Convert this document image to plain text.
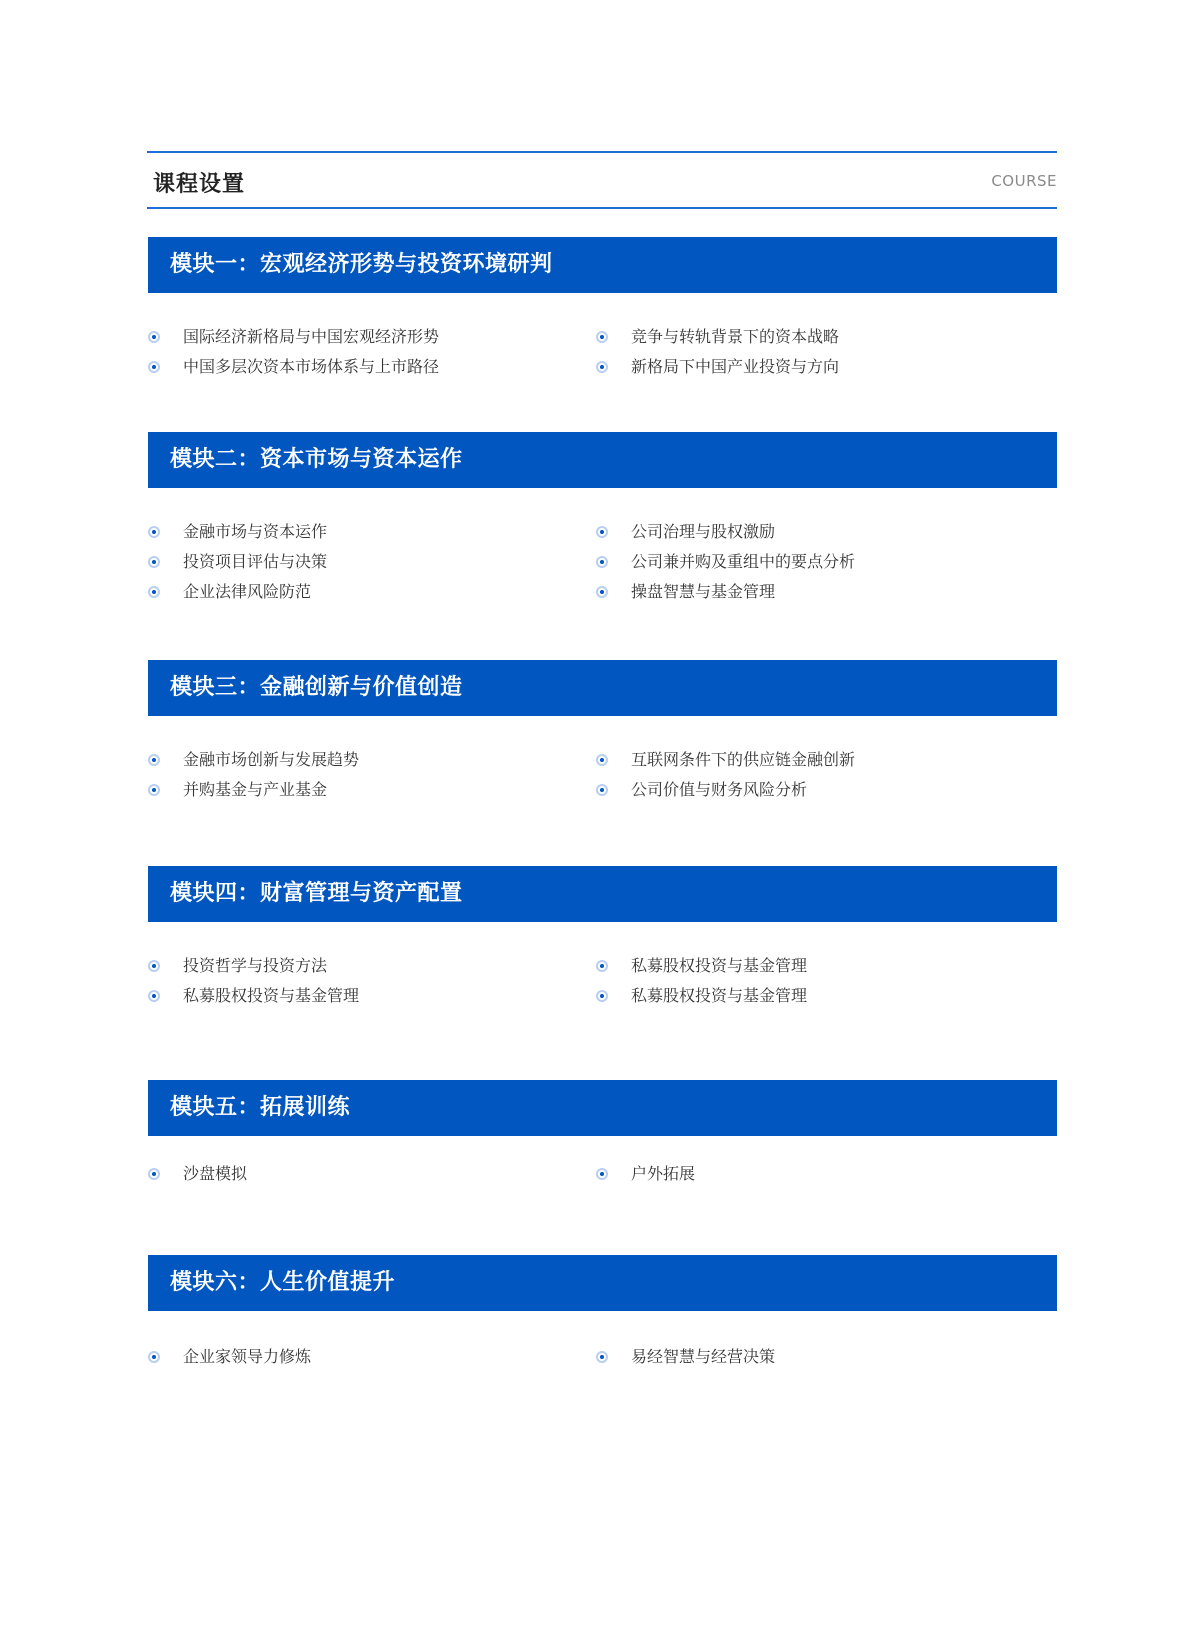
课程设置	COURSE
模块一：宏观经济形势与投资环境研判
国际经济新格局与中国宏观经济形势	竞争与转轨背景下的资本战略
中国多层次资本市场体系与上市路径	新格局下中国产业投资与方向
模块二：资本市场与资本运作
金融市场与资本运作	公司治理与股权激励
投资项目评估与决策	公司兼并购及重组中的要点分析
企业法律风险防范	操盘智慧与基金管理
模块三：金融创新与价值创造
金融市场创新与发展趋势	互联网条件下的供应链金融创新
并购基金与产业基金	公司价值与财务风险分析
模块四：财富管理与资产配置
投资哲学与投资方法	私募股权投资与基金管理
私募股权投资与基金管理	私募股权投资与基金管理
模块五：拓展训练
沙盘模拟	户外拓展
模块六：人生价值提升
企业家领导力修炼	易经智慧与经营决策
